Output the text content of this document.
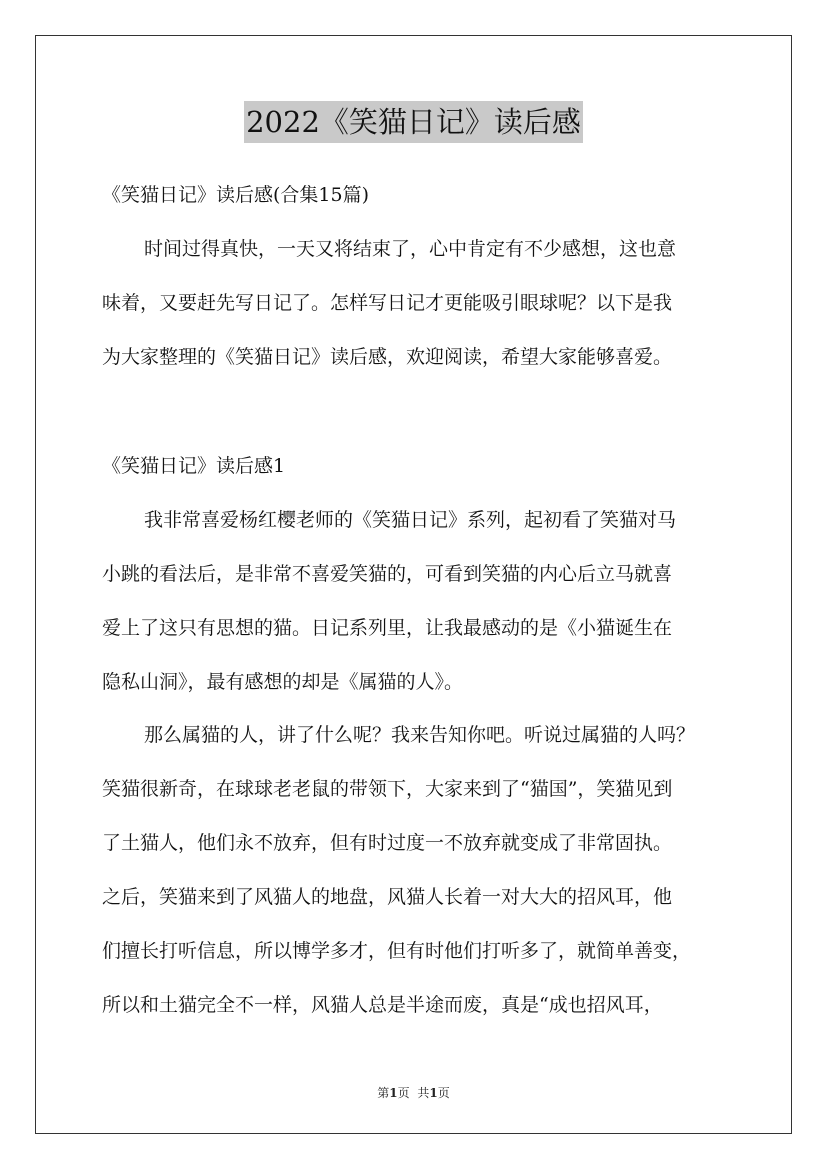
2022《笑猫日记》读后感
《笑猫日记》读后感(合集15篇)
时间过得真快，一天又将结束了，心中肯定有不少感想，这也意
味着，又要赶先写日记了。怎样写日记才更能吸引眼球呢？以下是我
为大家整理的《笑猫日记》读后感，欢迎阅读，希望大家能够喜爱。
《笑猫日记》读后感1
我非常喜爱杨红樱老师的《笑猫日记》系列，起初看了笑猫对马
小跳的看法后，是非常不喜爱笑猫的，可看到笑猫的内心后立马就喜
爱上了这只有思想的猫。日记系列里，让我最感动的是《小猫诞生在
隐私山洞》，最有感想的却是《属猫的人》。
那么属猫的人，讲了什么呢？我来告知你吧。听说过属猫的人吗？
笑猫很新奇，在球球老老鼠的带领下，大家来到了“猫国”，笑猫见到
了土猫人，他们永不放弃，但有时过度一不放弃就变成了非常固执。
之后，笑猫来到了风猫人的地盘，风猫人长着一对大大的招风耳，他
们擅长打听信息，所以博学多才，但有时他们打听多了，就简单善变，
所以和土猫完全不一样，风猫人总是半途而废，真是“成也招风耳，
第1页 共1页
